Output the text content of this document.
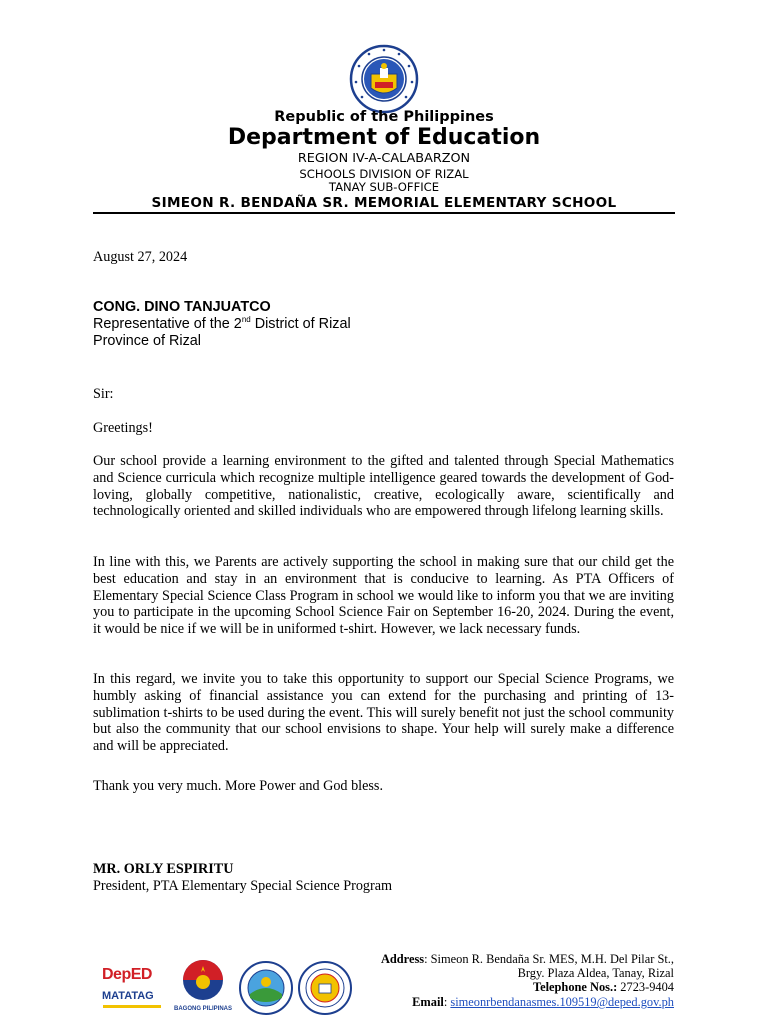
Republic of the Philippines
Department of Education
REGION IV-A-CALABARZON
SCHOOLS DIVISION OF RIZAL
TANAY SUB-OFFICE
SIMEON R. BENDAÑA SR. MEMORIAL ELEMENTARY SCHOOL
August 27, 2024
CONG. DINO TANJUATCO
Representative of the 2nd District of Rizal
Province of Rizal
Sir:
Greetings!

Our school provide a learning environment to the gifted and talented through Special Mathematics and Science curricula which recognize multiple intelligence geared towards the development of God-loving, globally competitive, nationalistic, creative, ecologically aware, scientifically and technologically oriented and skilled individuals who are empowered through lifelong learning skills.

In line with this, we Parents are actively supporting the school in making sure that our child get the best education and stay in an environment that is conducive to learning. As PTA Officers of Elementary Special Science Class Program in school we would like to inform you that we are inviting you to participate in the upcoming School Science Fair on September 16-20, 2024. During the event, it would be nice if we will be in uniformed t-shirt. However, we lack necessary funds.

In this regard, we invite you to take this opportunity to support our Special Science Programs, we humbly asking of financial assistance you can extend for the purchasing and printing of 13-sublimation t-shirts to be used during the event. This will surely benefit not just the school community but also the community that our school envisions to shape. Your help will surely make a difference and will be appreciated.

Thank you very much. More Power and God bless.
MR. ORLY ESPIRITU
President, PTA Elementary Special Science Program
DepED
MATATAG
BAGONG PILIPINAS
Address: Simeon R. Bendaña Sr. MES, M.H. Del Pilar St.,
Brgy. Plaza Aldea, Tanay, Rizal
Telephone Nos.: 2723-9404
Email: simeonrbendanasmes.109519@deped.gov.ph
